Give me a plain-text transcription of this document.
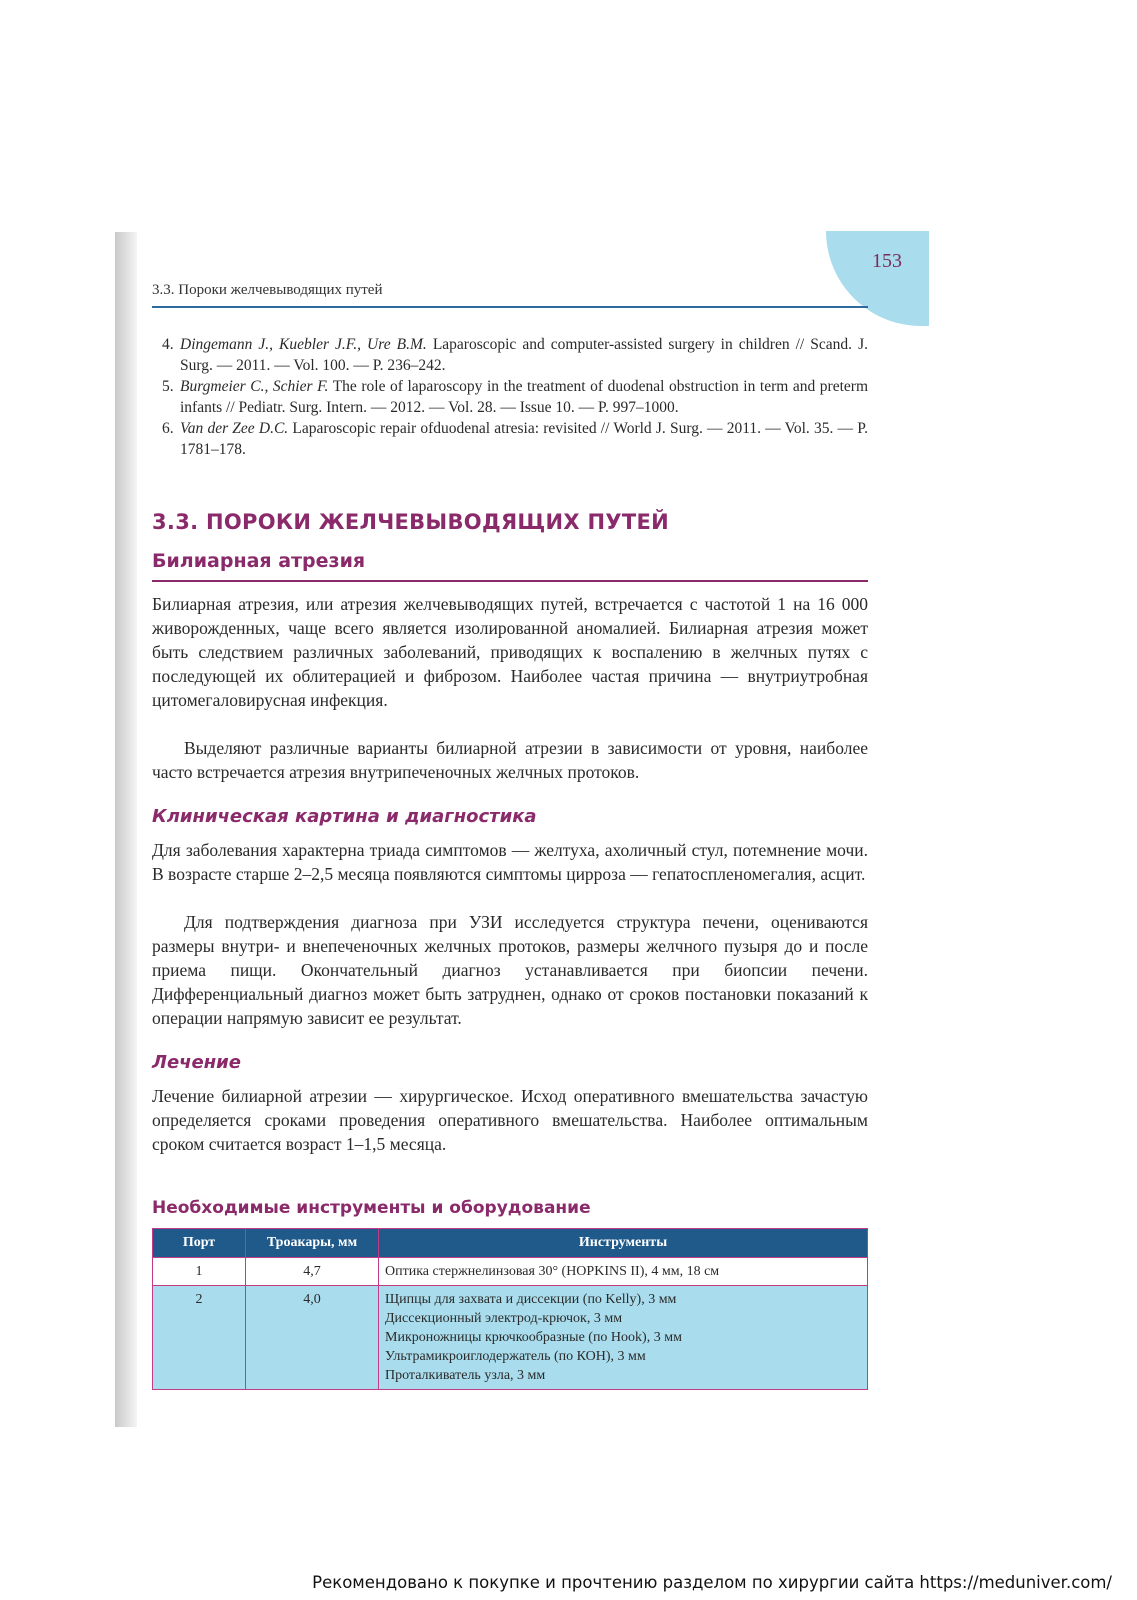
153
3.3. Пороки желчевыводящих путей
4. Dingemann J., Kuebler J.F., Ure B.M. Laparoscopic and computer-assisted surgery in children // Scand. J. Surg. — 2011. — Vol. 100. — P. 236–242.
5. Burgmeier C., Schier F. The role of laparoscopy in the treatment of duodenal obstruction in term and preterm infants // Pediatr. Surg. Intern. — 2012. — Vol. 28. — Issue 10. — P. 997–1000.
6. Van der Zee D.C. Laparoscopic repair ofduodenal atresia: revisited // World J. Surg. — 2011. — Vol. 35. — P. 1781–178.
3.3. ПОРОКИ ЖЕЛЧЕВЫВОДЯЩИХ ПУТЕЙ
Билиарная атрезия

Билиарная атрезия, или атрезия желчевыводящих путей, встречается с частотой 1 на 16 000 живорожденных, чаще всего является изолированной аномалией. Билиарная атрезия может быть следствием различных заболеваний, приводящих к воспалению в желчных путях с последующей их облитерацией и фиброзом. Наиболее частая причина — внутриутробная цитомегаловирусная инфекция.

Выделяют различные варианты билиарной атрезии в зависимости от уровня, наиболее часто встречается атрезия внутрипеченочных желчных протоков.

Клиническая картина и диагностика

Для заболевания характерна триада симптомов — желтуха, ахоличный стул, потемнение мочи. В возрасте старше 2–2,5 месяца появляются симптомы цирроза — гепатоспленомегалия, асцит.

Для подтверждения диагноза при УЗИ исследуется структура печени, оцениваются размеры внутри- и внепеченочных желчных протоков, размеры желчного пузыря до и после приема пищи. Окончательный диагноз устанавливается при биопсии печени. Дифференциальный диагноз может быть затруднен, однако от сроков постановки показаний к операции напрямую зависит ее результат.

Лечение

Лечение билиарной атрезии — хирургическое. Исход оперативного вмешательства зачастую определяется сроками проведения оперативного вмешательства. Наиболее оптимальным сроком считается возраст 1–1,5 месяца.

Необходимые инструменты и оборудование
Порт	Троакары, мм	Инструменты
1	4,7	Оптика стержнелинзовая 30° (HOPKINS II), 4 мм, 18 см

2	4,0	Щипцы для захвата и диссекции (по Kelly), 3 мм
Диссекционный электрод-крючок, 3 мм
Микроножницы крючкообразные (по Hook), 3 мм
Ультрамикроиглодержатель (по КОН), 3 мм
Проталкиватель узла, 3 мм
Рекомендовано к покупке и прочтению разделом по хирургии сайта https://meduniver.com/
